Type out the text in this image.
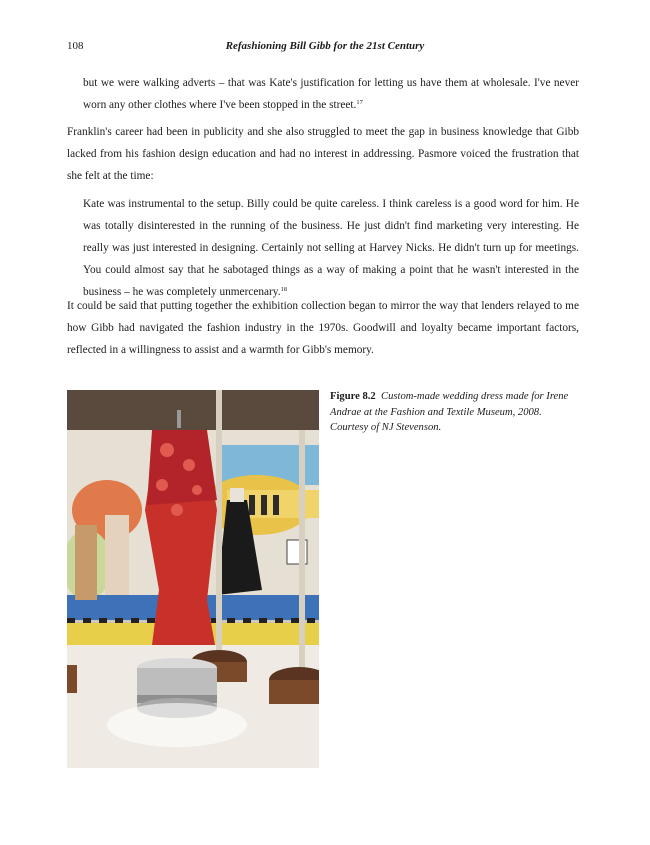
108	Refashioning Bill Gibb for the 21st Century

but we were walking adverts – that was Kate's justification for letting us have them at wholesale. I've never worn any other clothes where I've been stopped in the street.$^{17}$

Franklin's career had been in publicity and she also struggled to meet the gap in business knowledge that Gibb lacked from his fashion design education and had no interest in addressing. Pasmore voiced the frustration that she felt at the time:

Kate was instrumental to the setup. Billy could be quite careless. I think careless is a good word for him. He was totally disinterested in the running of the business. He just didn't find marketing very interesting. He really was just interested in designing. Certainly not selling at Harvey Nicks. He didn't turn up for meetings. You could almost say that he sabotaged things as a way of making a point that he wasn't interested in the business – he was completely unmercenary.$^{18}$

It could be said that putting together the exhibition collection began to mirror the way that lenders relayed to me how Gibb had navigated the fashion industry in the 1970s. Goodwill and loyalty became important factors, reflected in a willingness to assist and a warmth for Gibb's memory.

Figure 8.2 Custom-made wedding dress made for Irene Andrae at the Fashion and Textile Museum, 2008. Courtesy of NJ Stevenson.
